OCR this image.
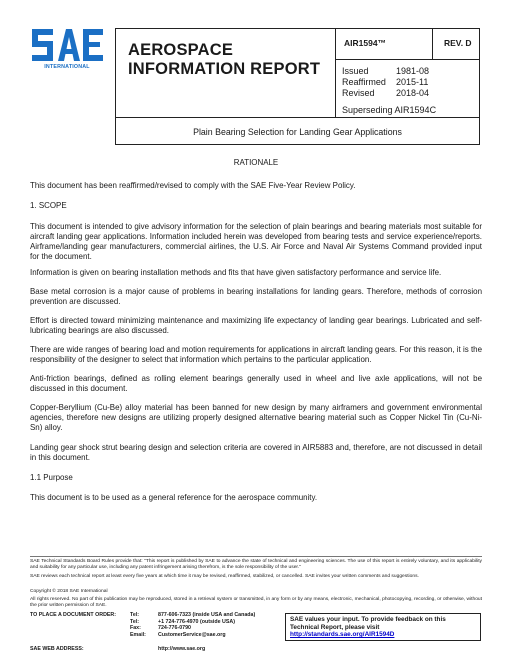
INTERNATIONAL
AEROSPACE
INFORMATION REPORT
AIR1594™	REV. D
Issued	1981-08
Reaffirmed	2015-11
Revised	2018-04
Superseding AIR1594C
Plain Bearing Selection for Landing Gear Applications
RATIONALE
This document has been reaffirmed/revised to comply with the SAE Five-Year Review Policy.
1. SCOPE
This document is intended to give advisory information for the selection of plain bearings and bearing materials most suitable for aircraft landing gear applications. Information included herein was developed from bearing tests and service experience/reports. Airframe/landing gear manufacturers, commercial airlines, the U.S. Air Force and Naval Air Systems Command provided input for the document.
Information is given on bearing installation methods and fits that have given satisfactory performance and service life.
Base metal corrosion is a major cause of problems in bearing installations for landing gears. Therefore, methods of corrosion prevention are discussed.
Effort is directed toward minimizing maintenance and maximizing life expectancy of landing gear bearings. Lubricated and self-lubricating bearings are also discussed.
There are wide ranges of bearing load and motion requirements for applications in aircraft landing gears. For this reason, it is the responsibility of the designer to select that information which pertains to the particular application.
Anti-friction bearings, defined as rolling element bearings generally used in wheel and live axle applications, will not be discussed in this document.
Copper-Beryllium (Cu-Be) alloy material has been banned for new design by many airframers and government environmental agencies, therefore new designs are utilizing properly designed alternative bearing material such as Copper Nickel Tin (Cu-Ni-Sn) alloy.
Landing gear shock strut bearing design and selection criteria are covered in AIR5883 and, therefore, are not discussed in detail in this document.
1.1 Purpose
This document is to be used as a general reference for the aerospace community.
SAE Technical Standards Board Rules provide that: "This report is published by SAE to advance the state of technical and engineering sciences. The use of this report is entirely voluntary, and its applicability and suitability for any particular use, including any patent infringement arising therefrom, is the sole responsibility of the user."
SAE reviews each technical report at least every five years at which time it may be revised, reaffirmed, stabilized, or cancelled. SAE invites your written comments and suggestions.
Copyright © 2018 SAE International
All rights reserved. No part of this publication may be reproduced, stored in a retrieval system or transmitted, in any form or by any means, electronic, mechanical, photocopying, recording, or otherwise, without the prior written permission of SAE.
TO PLACE A DOCUMENT ORDER:	Tel:	877-606-7323 (inside USA and Canada)
Tel:	+1 724-776-4970 (outside USA)
Fax:	724-776-0790
Email:	CustomerService@sae.org
SAE WEB ADDRESS:	http://www.sae.org
SAE values your input. To provide feedback on this Technical Report, please visit
http://standards.sae.org/AIR1594D
